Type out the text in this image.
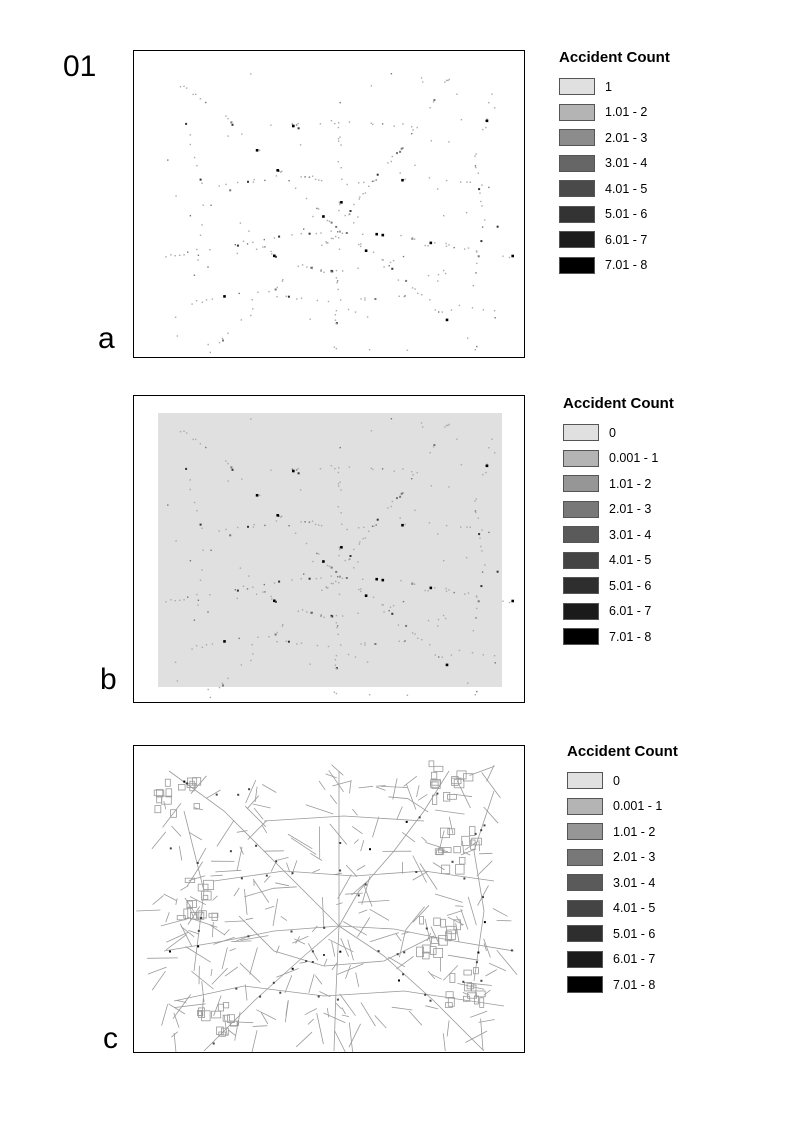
01
a
Accident Count
1
1.01 - 2
2.01 - 3
3.01 - 4
4.01 - 5
5.01 - 6
6.01 - 7
7.01 - 8
b
Accident Count
0
0.001 - 1
1.01 - 2
2.01 - 3
3.01 - 4
4.01 - 5
5.01 - 6
6.01 - 7
7.01 - 8
c
Accident Count
0
0.001 - 1
1.01 - 2
2.01 - 3
3.01 - 4
4.01 - 5
5.01 - 6
6.01 - 7
7.01 - 8
